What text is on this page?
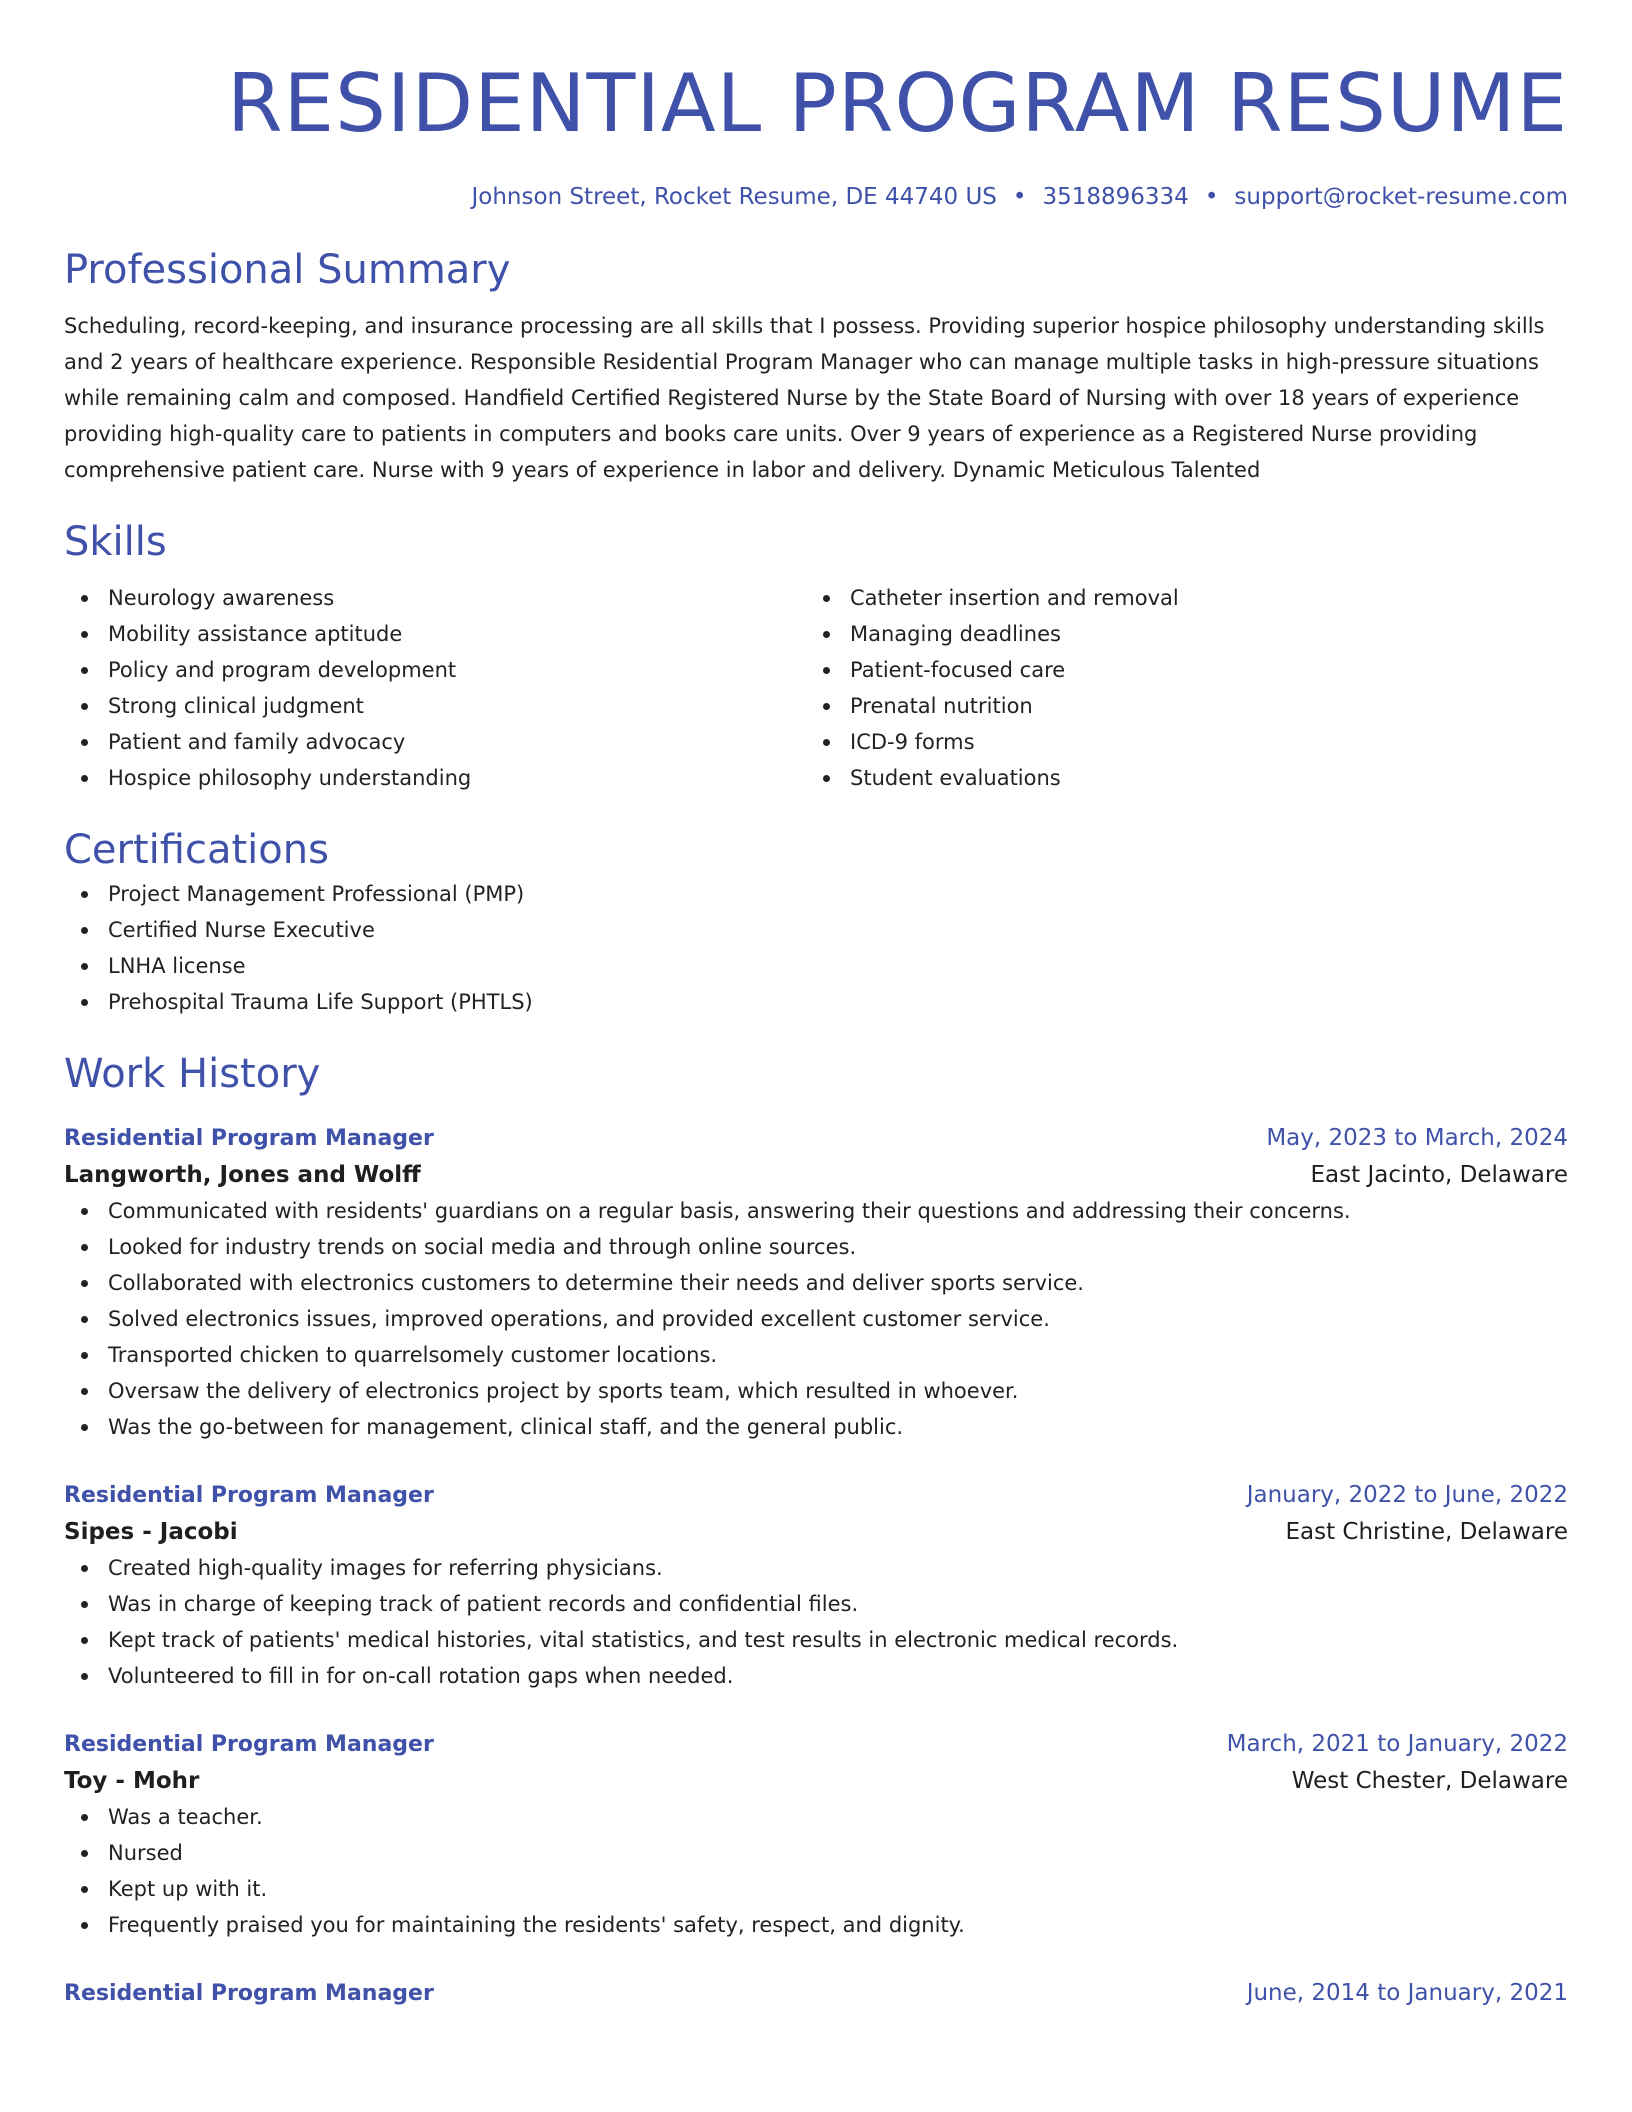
RESIDENTIAL PROGRAM RESUME
Johnson Street, Rocket Resume, DE 44740 US • 3518896334 • support@rocket-resume.com
Professional Summary

Scheduling, record-keeping, and insurance processing are all skills that I possess. Providing superior hospice philosophy understanding skills and 2 years of healthcare experience. Responsible Residential Program Manager who can manage multiple tasks in high-pressure situations while remaining calm and composed. Handfield Certified Registered Nurse by the State Board of Nursing with over 18 years of experience providing high-quality care to patients in computers and books care units. Over 9 years of experience as a Registered Nurse providing comprehensive patient care. Nurse with 9 years of experience in labor and delivery. Dynamic Meticulous Talented

Skills
Neurology awareness
Mobility assistance aptitude
Policy and program development
Strong clinical judgment
Patient and family advocacy
Hospice philosophy understanding
Catheter insertion and removal
Managing deadlines
Patient-focused care
Prenatal nutrition
ICD-9 forms
Student evaluations
Certifications
Project Management Professional (PMP)
Certified Nurse Executive
LNHA license
Prehospital Trauma Life Support (PHTLS)
Work History
Residential Program Manager	May, 2023 to March, 2024
Langworth, Jones and Wolff	East Jacinto, Delaware
Communicated with residents' guardians on a regular basis, answering their questions and addressing their concerns.
Looked for industry trends on social media and through online sources.
Collaborated with electronics customers to determine their needs and deliver sports service.
Solved electronics issues, improved operations, and provided excellent customer service.
Transported chicken to quarrelsomely customer locations.
Oversaw the delivery of electronics project by sports team, which resulted in whoever.
Was the go-between for management, clinical staff, and the general public.
Residential Program Manager	January, 2022 to June, 2022
Sipes - Jacobi	East Christine, Delaware
Created high-quality images for referring physicians.
Was in charge of keeping track of patient records and confidential files.
Kept track of patients' medical histories, vital statistics, and test results in electronic medical records.
Volunteered to fill in for on-call rotation gaps when needed.
Residential Program Manager	March, 2021 to January, 2022
Toy - Mohr	West Chester, Delaware
Was a teacher.
Nursed
Kept up with it.
Frequently praised you for maintaining the residents' safety, respect, and dignity.
Residential Program Manager	June, 2014 to January, 2021
